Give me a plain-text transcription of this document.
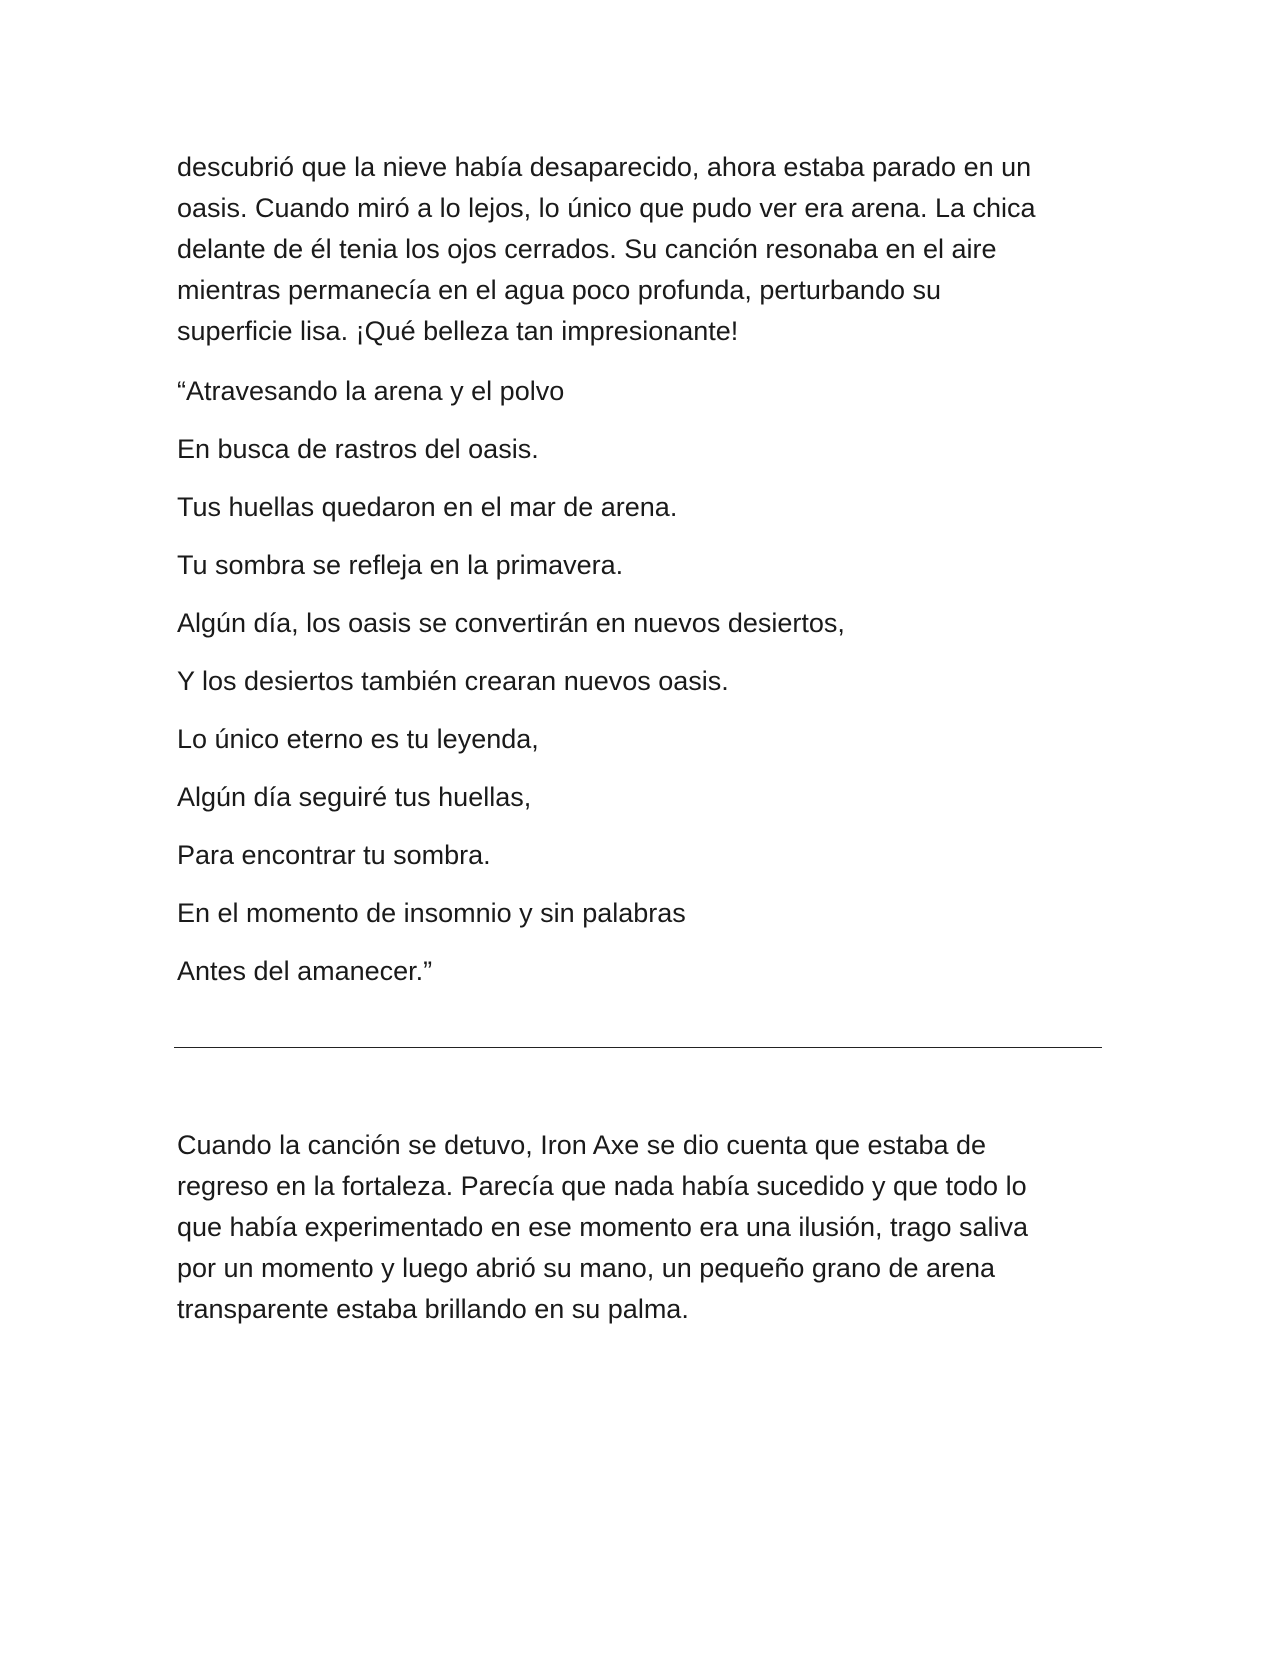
descubrió que la nieve había desaparecido, ahora estaba parado en un
oasis. Cuando miró a lo lejos, lo único que pudo ver era arena. La chica
delante de él tenia los ojos cerrados. Su canción resonaba en el aire
mientras permanecía en el agua poco profunda, perturbando su
superficie lisa. ¡Qué belleza tan impresionante!

“Atravesando la arena y el polvo
En busca de rastros del oasis.
Tus huellas quedaron en el mar de arena.
Tu sombra se refleja en la primavera.
Algún día, los oasis se convertirán en nuevos desiertos,
Y los desiertos también crearan nuevos oasis.
Lo único eterno es tu leyenda,
Algún día seguiré tus huellas,
Para encontrar tu sombra.
En el momento de insomnio y sin palabras
Antes del amanecer.”

Cuando la canción se detuvo, Iron Axe se dio cuenta que estaba de
regreso en la fortaleza. Parecía que nada había sucedido y que todo lo
que había experimentado en ese momento era una ilusión, trago saliva
por un momento y luego abrió su mano, un pequeño grano de arena
transparente estaba brillando en su palma.
